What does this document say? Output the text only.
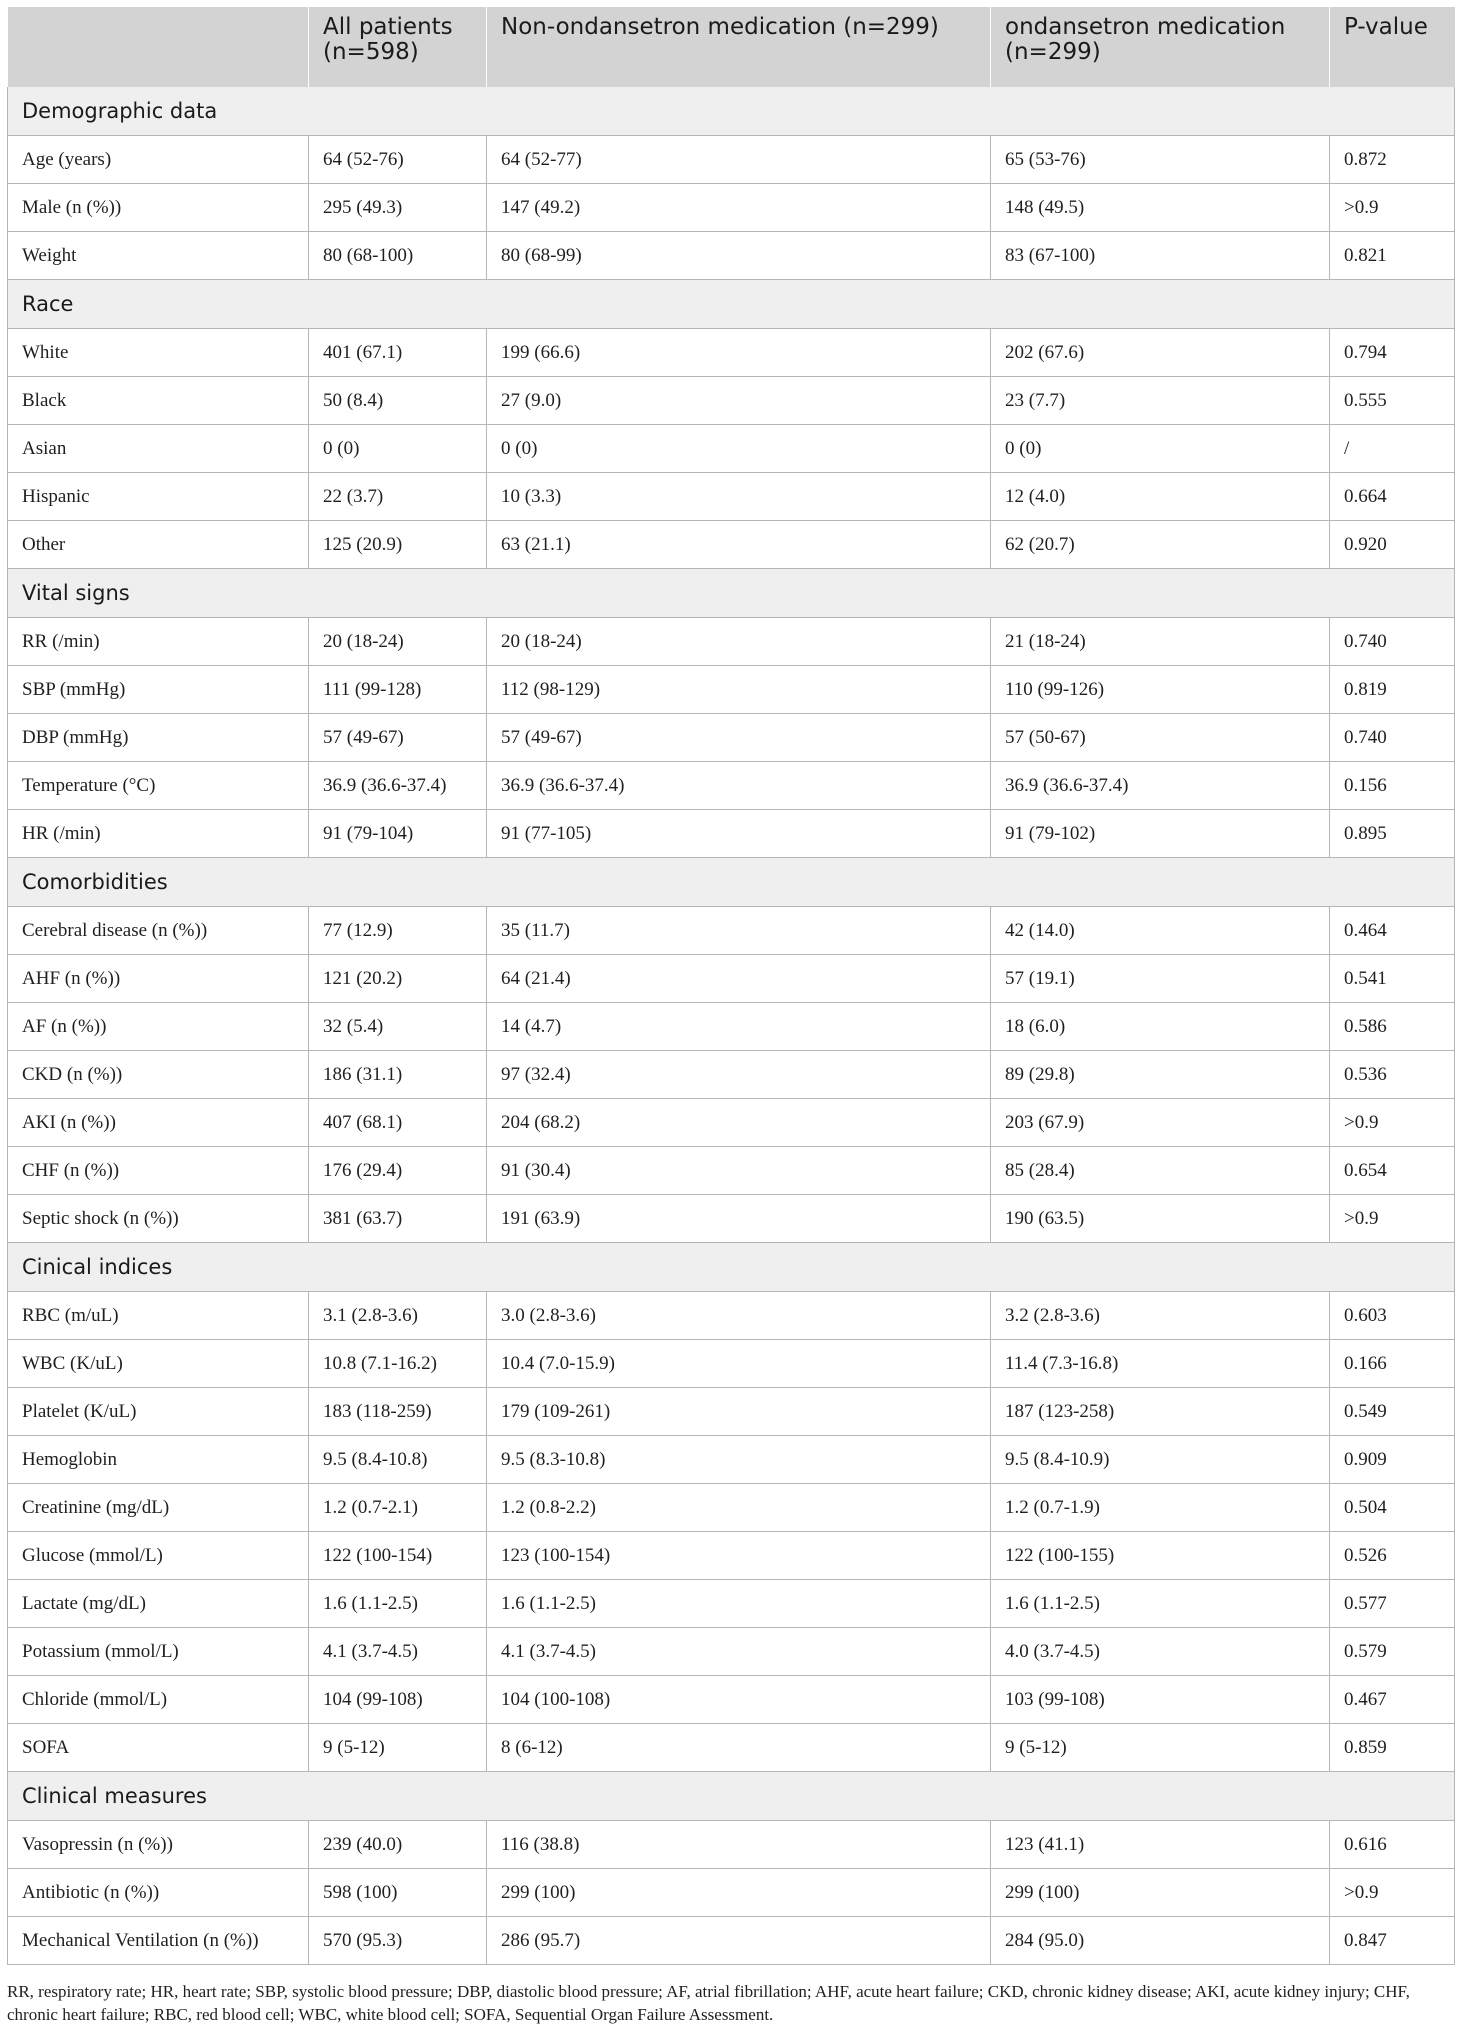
	All patients (n=598)	Non-ondansetron medication (n=299)	ondansetron medication (n=299)	P-value
Demographic data				
Age (years)	64 (52-76)	64 (52-77)	65 (53-76)	0.872
Male (n (%))	295 (49.3)	147 (49.2)	148 (49.5)	>0.9
Weight	80 (68-100)	80 (68-99)	83 (67-100)	0.821
Race				
White	401 (67.1)	199 (66.6)	202 (67.6)	0.794
Black	50 (8.4)	27 (9.0)	23 (7.7)	0.555
Asian	0 (0)	0 (0)	0 (0)	/
Hispanic	22 (3.7)	10 (3.3)	12 (4.0)	0.664
Other	125 (20.9)	63 (21.1)	62 (20.7)	0.920
Vital signs				
RR (/min)	20 (18-24)	20 (18-24)	21 (18-24)	0.740
SBP (mmHg)	111 (99-128)	112 (98-129)	110 (99-126)	0.819
DBP (mmHg)	57 (49-67)	57 (49-67)	57 (50-67)	0.740
Temperature (°C)	36.9 (36.6-37.4)	36.9 (36.6-37.4)	36.9 (36.6-37.4)	0.156
HR (/min)	91 (79-104)	91 (77-105)	91 (79-102)	0.895
Comorbidities				
Cerebral disease (n (%))	77 (12.9)	35 (11.7)	42 (14.0)	0.464
AHF (n (%))	121 (20.2)	64 (21.4)	57 (19.1)	0.541
AF (n (%))	32 (5.4)	14 (4.7)	18 (6.0)	0.586
CKD (n (%))	186 (31.1)	97 (32.4)	89 (29.8)	0.536
AKI (n (%))	407 (68.1)	204 (68.2)	203 (67.9)	>0.9
CHF (n (%))	176 (29.4)	91 (30.4)	85 (28.4)	0.654
Septic shock (n (%))	381 (63.7)	191 (63.9)	190 (63.5)	>0.9
Cinical indices				
RBC (m/uL)	3.1 (2.8-3.6)	3.0 (2.8-3.6)	3.2 (2.8-3.6)	0.603
WBC (K/uL)	10.8 (7.1-16.2)	10.4 (7.0-15.9)	11.4 (7.3-16.8)	0.166
Platelet (K/uL)	183 (118-259)	179 (109-261)	187 (123-258)	0.549
Hemoglobin	9.5 (8.4-10.8)	9.5 (8.3-10.8)	9.5 (8.4-10.9)	0.909
Creatinine (mg/dL)	1.2 (0.7-2.1)	1.2 (0.8-2.2)	1.2 (0.7-1.9)	0.504
Glucose (mmol/L)	122 (100-154)	123 (100-154)	122 (100-155)	0.526
Lactate (mg/dL)	1.6 (1.1-2.5)	1.6 (1.1-2.5)	1.6 (1.1-2.5)	0.577
Potassium (mmol/L)	4.1 (3.7-4.5)	4.1 (3.7-4.5)	4.0 (3.7-4.5)	0.579
Chloride (mmol/L)	104 (99-108)	104 (100-108)	103 (99-108)	0.467
SOFA	9 (5-12)	8 (6-12)	9 (5-12)	0.859
Clinical measures				
Vasopressin (n (%))	239 (40.0)	116 (38.8)	123 (41.1)	0.616
Antibiotic (n (%))	598 (100)	299 (100)	299 (100)	>0.9
Mechanical Ventilation (n (%))	570 (95.3)	286 (95.7)	284 (95.0)	0.847
RR, respiratory rate; HR, heart rate; SBP, systolic blood pressure; DBP, diastolic blood pressure; AF, atrial fibrillation; AHF, acute heart failure; CKD, chronic kidney disease; AKI, acute kidney injury; CHF, chronic heart failure; RBC, red blood cell; WBC, white blood cell; SOFA, Sequential Organ Failure Assessment.
